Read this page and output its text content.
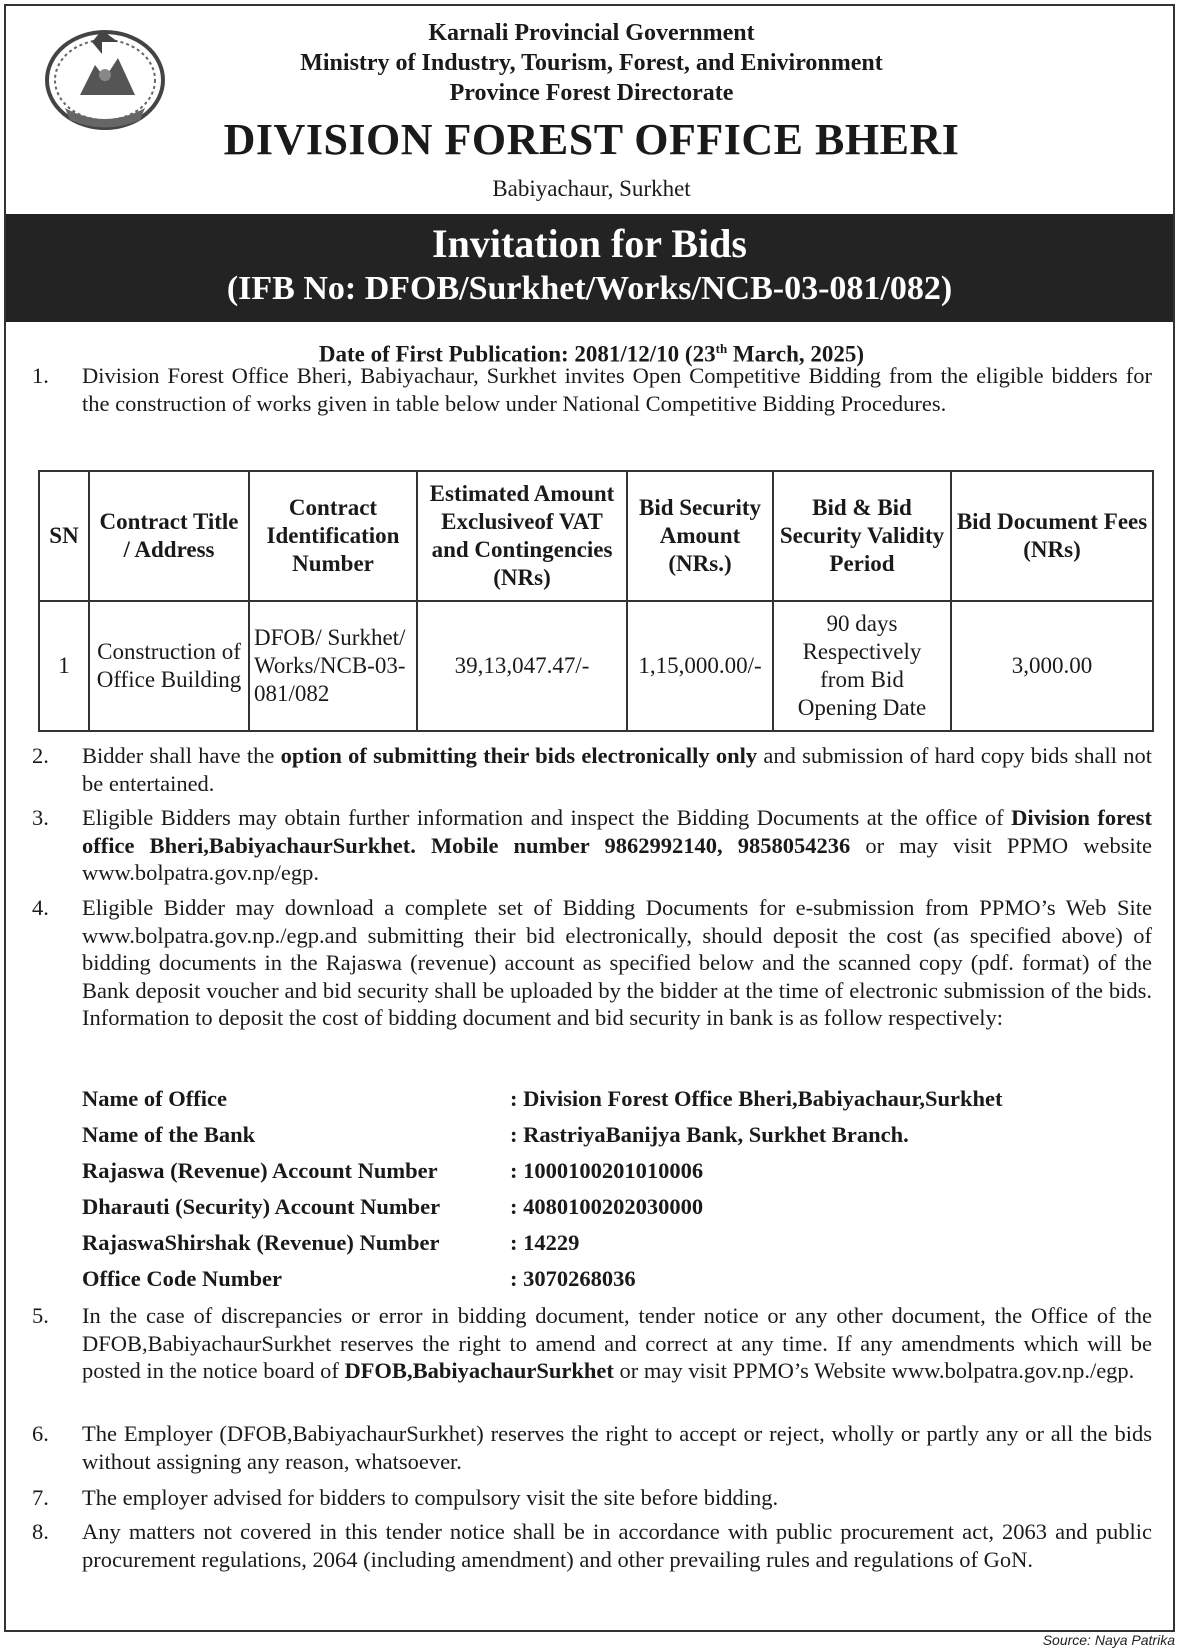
Karnali Provincial Government
Ministry of Industry, Tourism, Forest, and Enivironment
Province Forest Directorate
DIVISION FOREST OFFICE BHERI
Babiyachaur, Surkhet
Invitation for Bids
(IFB No: DFOB/Surkhet/Works/NCB-03-081/082)
Date of First Publication: 2081/12/10 (23th March, 2025)
1.	Division Forest Office Bheri, Babiyachaur, Surkhet invites Open Competitive Bidding from the eligible bidders for the construction of works given in table below under National Competitive Bidding Procedures.
SN	Contract Title / Address	Contract Identification Number	Estimated Amount Exclusiveof VAT and Contingencies (NRs)	Bid Security Amount (NRs.)	Bid & Bid Security Validity Period	Bid Document Fees (NRs)
1	Construction of Office Building	DFOB/ Surkhet/ Works/NCB-03-081/082	39,13,047.47/-	1,15,000.00/-	90 days Respectively from Bid Opening Date	3,000.00
2.	Bidder shall have the option of submitting their bids electronically only and submission of hard copy bids shall not be entertained.
3.	Eligible Bidders may obtain further information and inspect the Bidding Documents at the office of Division forest office Bheri,BabiyachaurSurkhet. Mobile number 9862992140, 9858054236 or may visit PPMO website www.bolpatra.gov.np/egp.
4.	Eligible Bidder may download a complete set of Bidding Documents for e-submission from PPMO’s Web Site www.bolpatra.gov.np./egp.and submitting their bid electronically, should deposit the cost (as specified above) of bidding documents in the Rajaswa (revenue) account as specified below and the scanned copy (pdf. format) of the Bank deposit voucher and bid security shall be uploaded by the bidder at the time of electronic submission of the bids. Information to deposit the cost of bidding document and bid security in bank is as follow respectively:
Name of Office	: Division Forest Office Bheri,Babiyachaur,Surkhet
Name of the Bank	: RastriyaBanijya Bank, Surkhet Branch.
Rajaswa (Revenue) Account Number	: 1000100201010006
Dharauti (Security) Account Number	: 4080100202030000
RajaswaShirshak (Revenue) Number	: 14229
Office Code Number	: 3070268036
5.	In the case of discrepancies or error in bidding document, tender notice or any other document, the Office of the DFOB,BabiyachaurSurkhet reserves the right to amend and correct at any time. If any amendments which will be posted in the notice board of DFOB,BabiyachaurSurkhet or may visit PPMO’s Website www.bolpatra.gov.np./egp.
6.	The Employer (DFOB,BabiyachaurSurkhet) reserves the right to accept or reject, wholly or partly any or all the bids without assigning any reason, whatsoever.
7.	The employer advised for bidders to compulsory visit the site before bidding.
8.	Any matters not covered in this tender notice shall be in accordance with public procurement act, 2063 and public procurement regulations, 2064 (including amendment) and other prevailing rules and regulations of GoN.
Source: Naya Patrika
